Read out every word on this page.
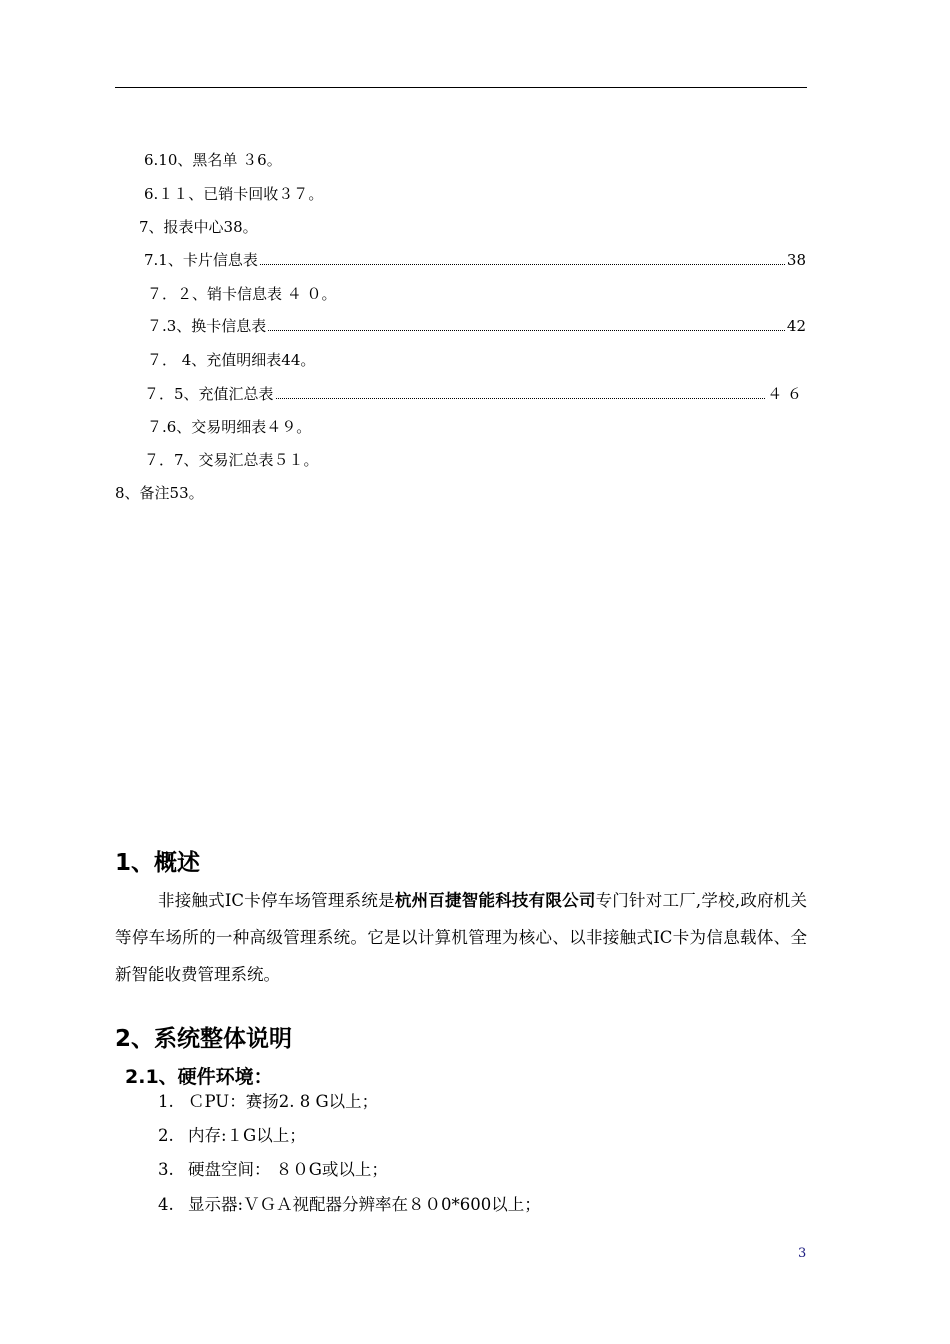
6.10、黑名单 ３6。
6.１１、已销卡回收３７。
7、报表中心38。
7.1、卡片信息表	38
７．２、销卡信息表 ４ ０。
７.3、换卡信息表	42
７． 4、充值明细表44。
７．5、充值汇总表	４ ６
７.6、交易明细表４９。
７．7、交易汇总表５１。
8、备注53。
1、概述

非接触式IC卡停车场管理系统是杭州百捷智能科技有限公司专门针对工厂,学校,政府机关等停车场所的一种高级管理系统。它是以计算机管理为核心、以非接触式IC卡为信息载体、全新智能收费管理系统。

2、系统整体说明
2.1、硬件环境：
1. ＣPU：赛扬2. 8 G以上；
2. 内存:１G以上；
3. 硬盘空间： ８０G或以上；
4. 显示器:ＶＧＡ视配器分辨率在８０0*600以上；
3
